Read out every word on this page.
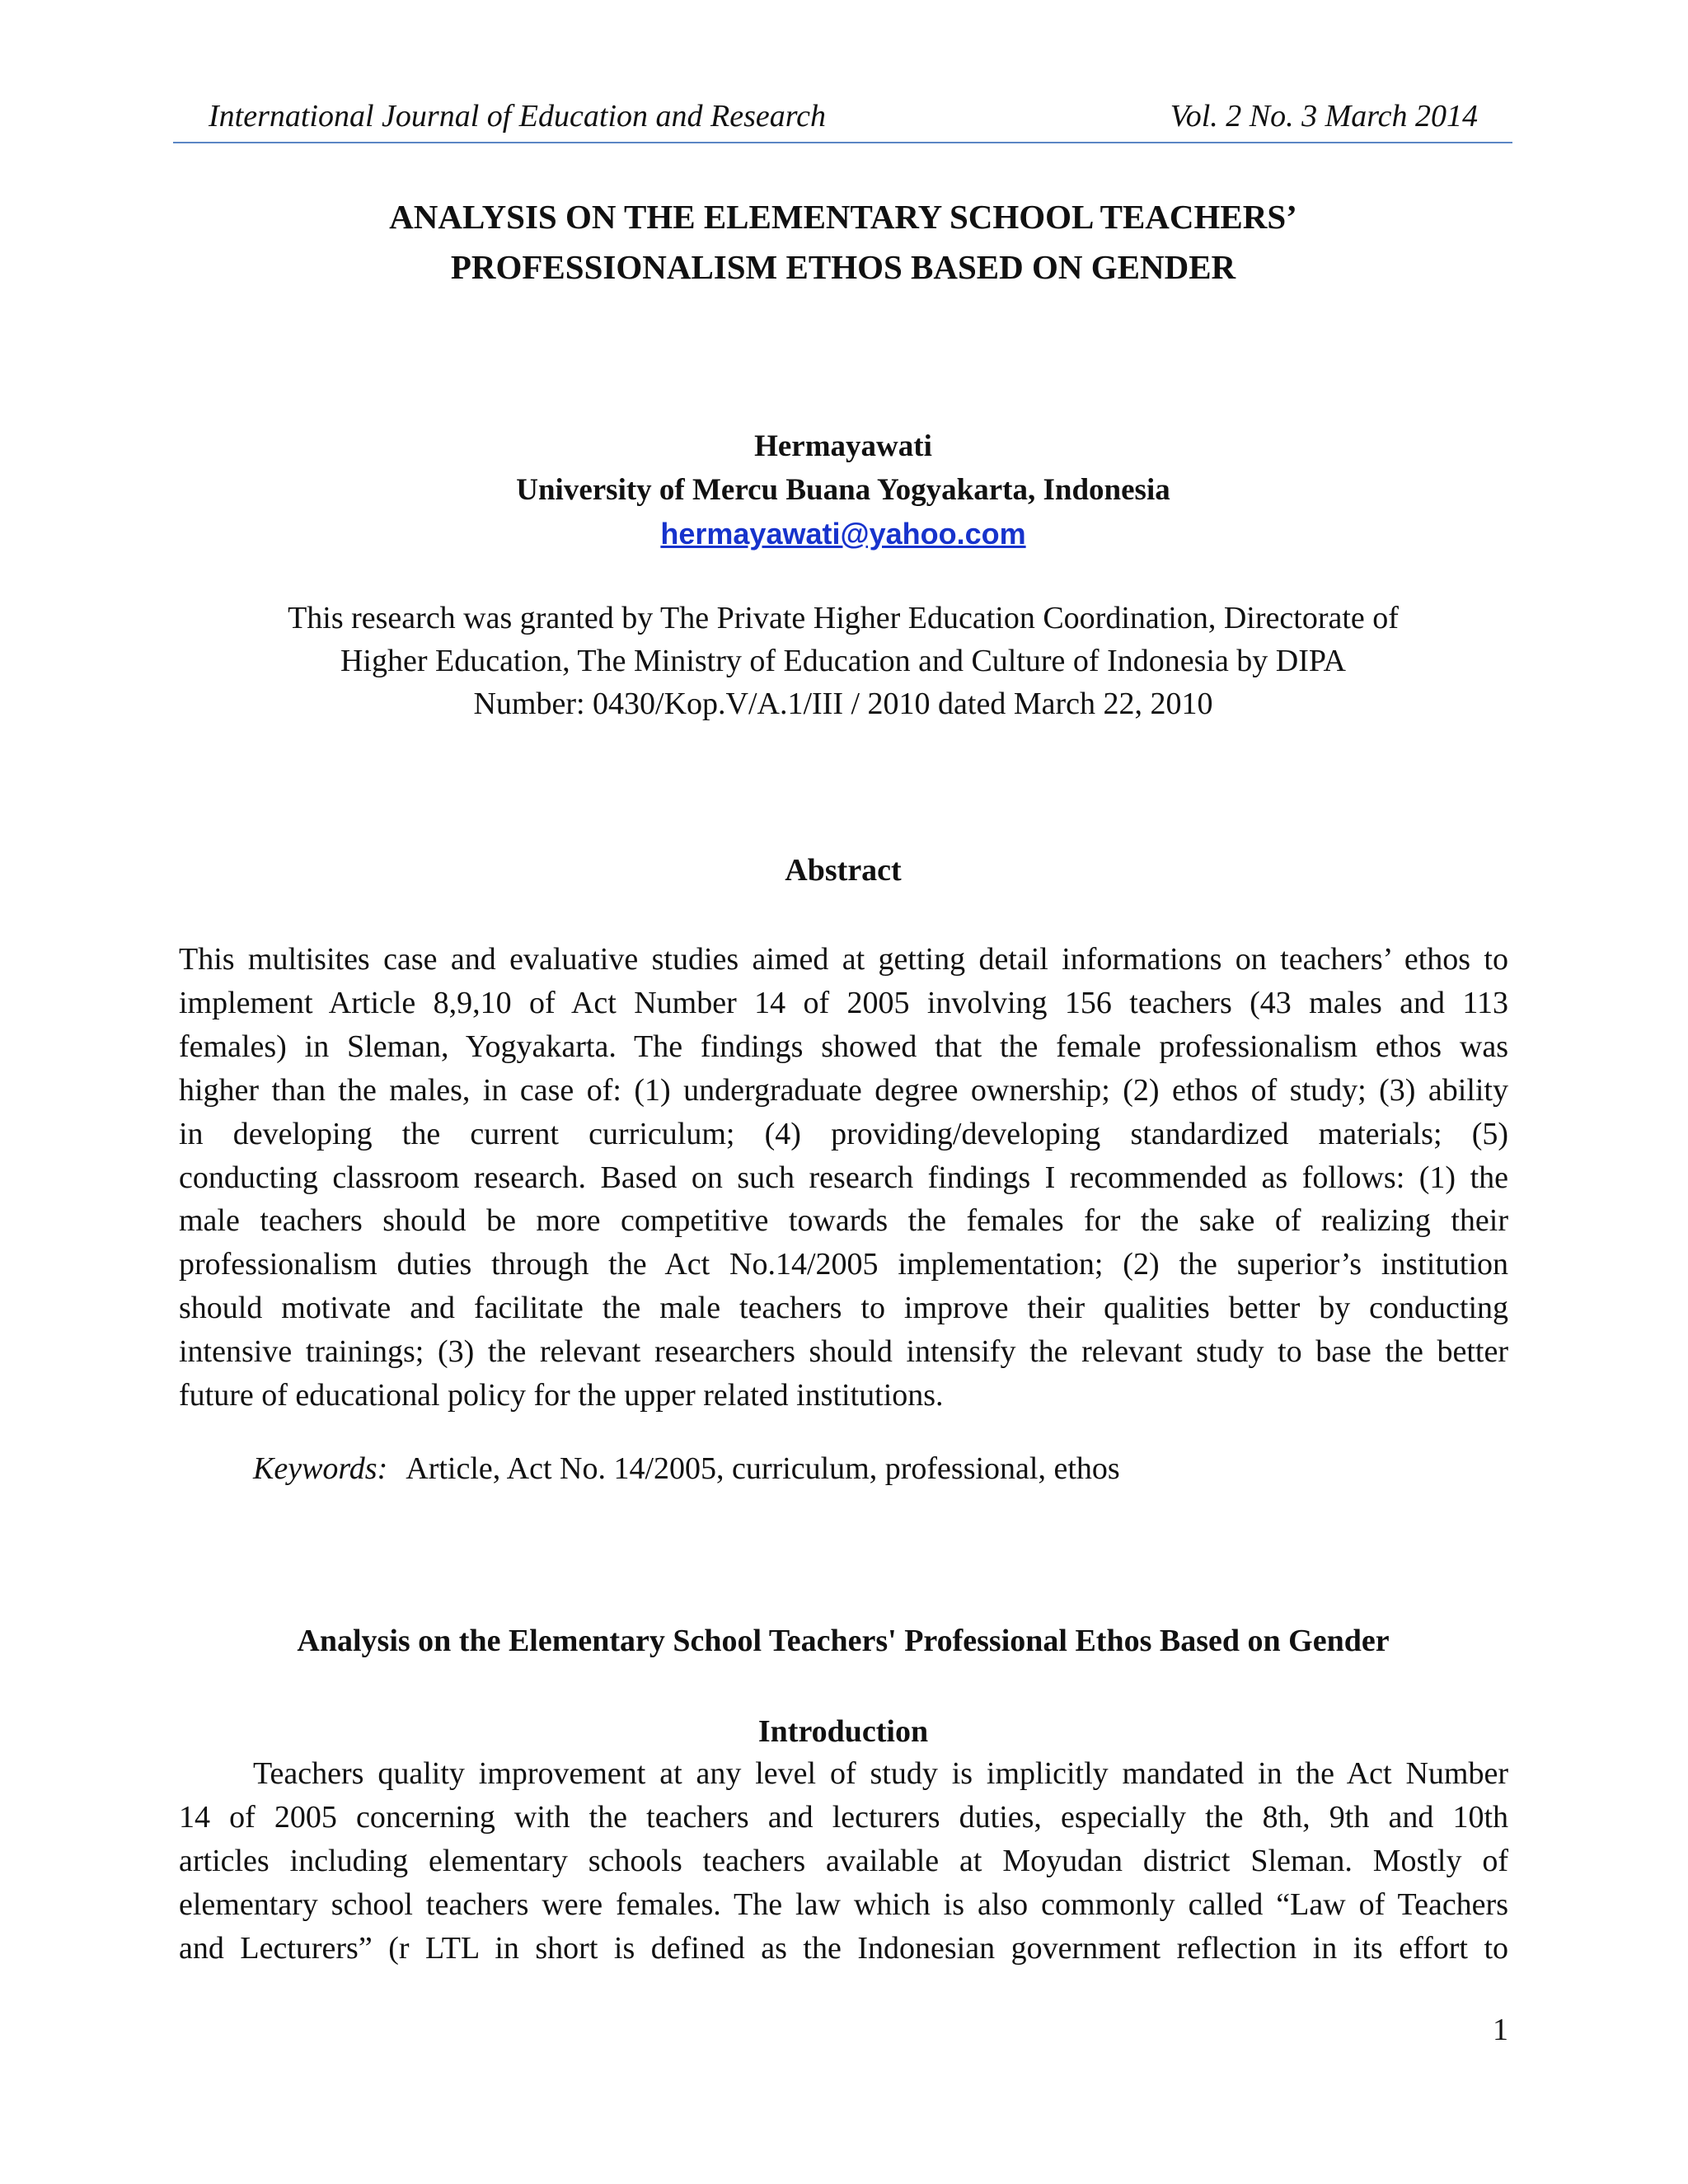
International Journal of Education and Research	Vol. 2 No. 3 March 2014
ANALYSIS ON THE ELEMENTARY SCHOOL TEACHERS’
PROFESSIONALISM ETHOS BASED ON GENDER
Hermayawati
University of Mercu Buana Yogyakarta, Indonesia
hermayawati@yahoo.com
This research was granted by The Private Higher Education Coordination, Directorate of
Higher Education, The Ministry of Education and Culture of Indonesia by DIPA
Number: 0430/Kop.V/A.1/III / 2010 dated March 22, 2010
Abstract
This multisites case and evaluative studies aimed at getting detail informations on teachers’ ethos to
implement Article 8,9,10 of Act Number 14 of 2005 involving 156 teachers (43 males and 113
females) in Sleman, Yogyakarta. The findings showed that the female professionalism ethos was
higher than the males, in case of: (1) undergraduate degree ownership; (2) ethos of study; (3) ability
in developing the current curriculum; (4) providing/developing standardized materials; (5)
conducting classroom research. Based on such research findings I recommended as follows: (1) the
male teachers should be more competitive towards the females for the sake of realizing their
professionalism duties through the Act No.14/2005 implementation; (2) the superior’s institution
should motivate and facilitate the male teachers to improve their qualities better by conducting
intensive trainings; (3) the relevant researchers should intensify the relevant study to base the better
future of educational policy for the upper related institutions.
Keywords: Article, Act No. 14/2005, curriculum, professional, ethos
Analysis on the Elementary School Teachers' Professional Ethos Based on Gender
Introduction
Teachers quality improvement at any level of study is implicitly mandated in the Act Number
14 of 2005 concerning with the teachers and lecturers duties, especially the 8th, 9th and 10th
articles including elementary schools teachers available at Moyudan district Sleman. Mostly of
elementary school teachers were females. The law which is also commonly called “Law of Teachers
and Lecturers” (r LTL in short is defined as the Indonesian government reflection in its effort to
1
